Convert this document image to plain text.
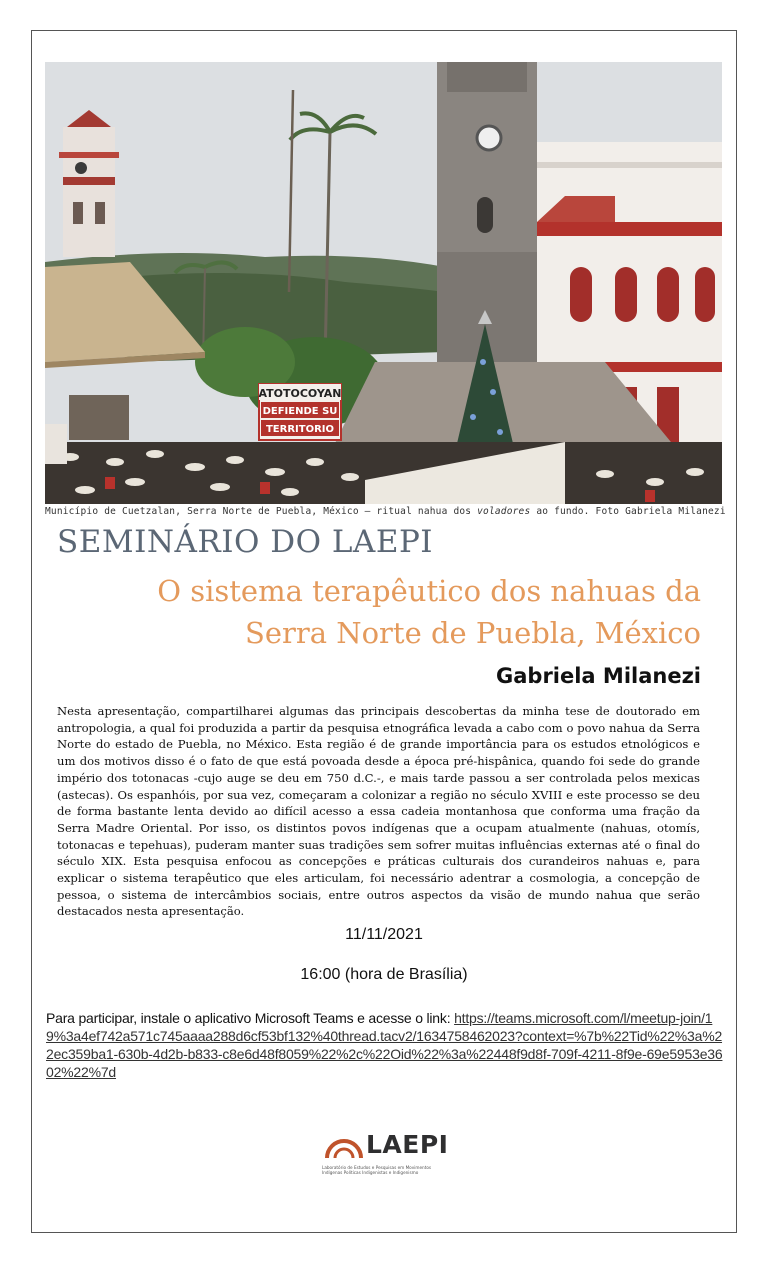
ATOTOCOYAN
DEFIENDE SU
TERRITORIO
Município de Cuetzalan, Serra Norte de Puebla, México – ritual nahua dos voladores ao fundo. Foto Gabriela Milanezi
SEMINÁRIO DO LAEPI
O sistema terapêutico dos nahuas da
Serra Norte de Puebla, México
Gabriela Milanezi
Nesta apresentação, compartilharei algumas das principais descobertas da minha tese de doutorado em antropologia, a qual foi produzida a partir da pesquisa etnográfica levada a cabo com o povo nahua da Serra Norte do estado de Puebla, no México. Esta região é de grande importância para os estudos etnológicos e um dos motivos disso é o fato de que está povoada desde a época pré-hispânica, quando foi sede do grande império dos totonacas -cujo auge se deu em 750 d.C.-, e mais tarde passou a ser controlada pelos mexicas (astecas). Os espanhóis, por sua vez, começaram a colonizar a região no século XVIII e este processo se deu de forma bastante lenta devido ao difícil acesso a essa cadeia montanhosa que conforma uma fração da Serra Madre Oriental. Por isso, os distintos povos indígenas que a ocupam atualmente (nahuas, otomís, totonacas e tepehuas), puderam manter suas tradições sem sofrer muitas influências externas até o final do século XIX. Esta pesquisa enfocou as concepções e práticas culturais dos curandeiros nahuas e, para explicar o sistema terapêutico que eles articulam, foi necessário adentrar a cosmologia, a concepção de pessoa, o sistema de intercâmbios sociais, entre outros aspectos da visão de mundo nahua que serão destacados nesta apresentação.
11/11/2021
16:00 (hora de Brasília)
Para participar, instale o aplicativo Microsoft Teams e acesse o link: https://teams.microsoft.com/l/meetup-join/19%3a4ef742a571c745aaaa288d6cf53bf132%40thread.tacv2/1634758462023?context=%7b%22Tid%22%3a%22ec359ba1-630b-4d2b-b833-c8e6d48f8059%22%2c%22Oid%22%3a%22448f9d8f-709f-4211-8f9e-69e5953e3602%22%7d
LAEPI
Laboratório de Estudos e Pesquisas em Movimentos Indígenas Políticas Indigenistas e Indigenismo
